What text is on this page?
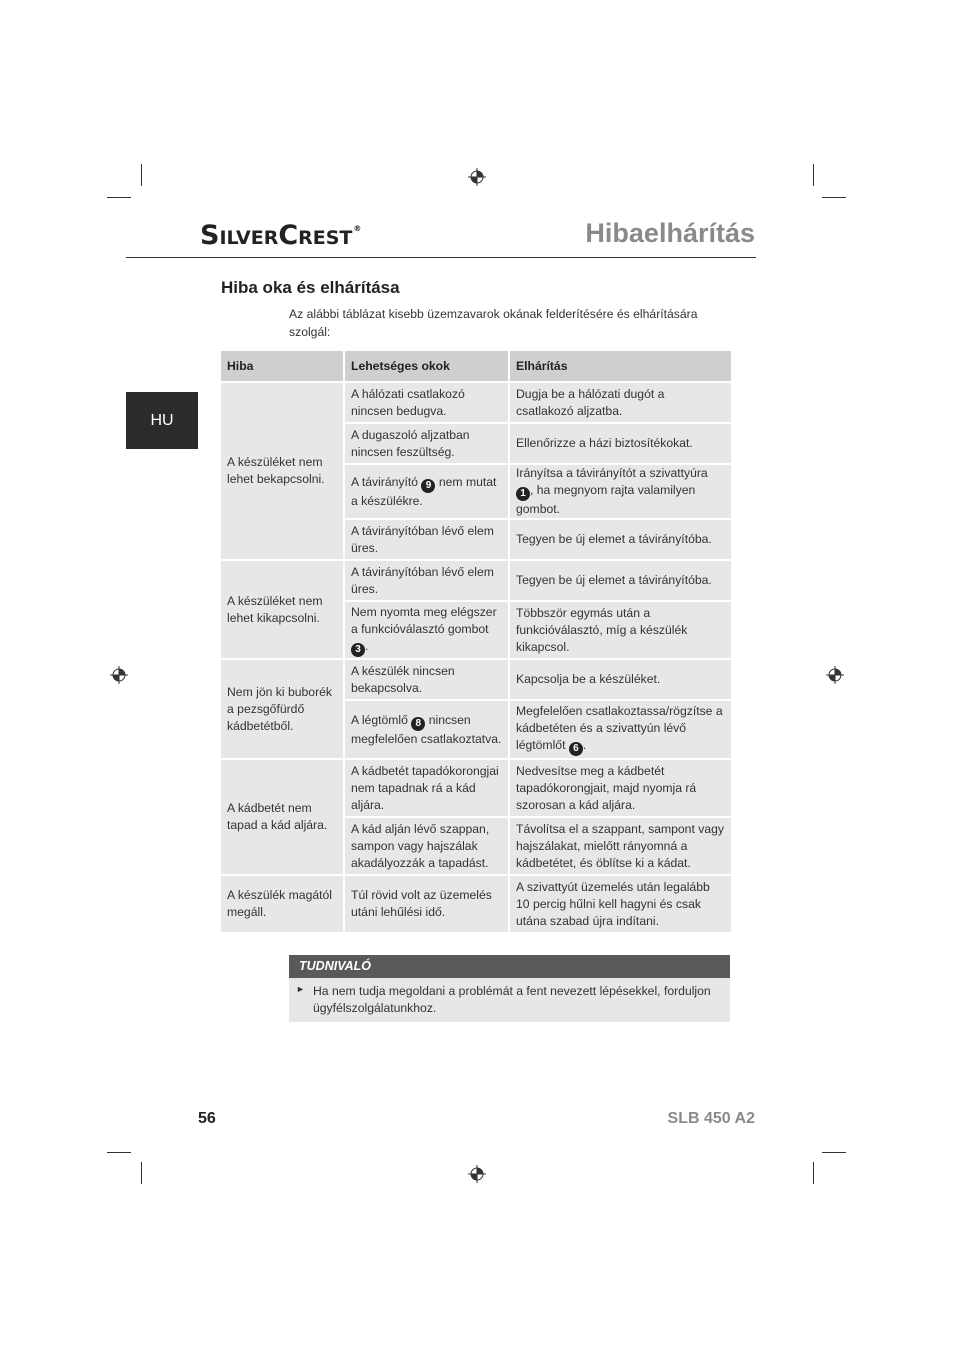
SilverCrest®	Hibaelhárítás
HU
Hiba oka és elhárítása
Az alábbi táblázat kisebb üzemzavarok okának felderítésére és elhárítására szolgál:
Hiba	Lehetséges okok	Elhárítás
A készüléket nem lehet bekapcsolni.	A hálózati csatlakozó nincsen bedugva.	Dugja be a hálózati dugót a csatlakozó aljzatba.
	A dugaszoló aljzatban nincsen feszültség.	Ellenőrizze a házi biztosítékokat.
	A távirányító 9 nem mutat a készülékre.	Irányítsa a távirányítót a szivattyúra 1 , ha megnyom rajta valamilyen gombot.
	A távirányítóban lévő elem üres.	Tegyen be új elemet a távirányítóba.
A készüléket nem lehet kikapcsolni.	A távirányítóban lévő elem üres.	Tegyen be új elemet a távirányítóba.
	Nem nyomta meg elégszer a funkcióválasztó gombot 3 .	Többször egymás után a funkcióválasztó, míg a készülék kikapcsol.
Nem jön ki buborék a pezsgőfürdő kádbetétből.	A készülék nincsen bekapcsolva.	Kapcsolja be a készüléket.
	A légtömlő 8 nincsen megfelelően csatlakoztatva.	Megfelelően csatlakoztassa/rögzítse a kádbetéten és a szivattyún lévő légtömlőt 6 .
A kádbetét nem tapad a kád aljára.	A kádbetét tapadókorongjai nem tapadnak rá a kád aljára.	Nedvesítse meg a kádbetét tapadókorongjait, majd nyomja rá szorosan a kád aljára.
	A kád alján lévő szappan, sampon vagy hajszálak akadályozzák a tapadást.	Távolítsa el a szappant, sampont vagy hajszálakat, mielőtt rányomná a kádbetétet, és öblítse ki a kádat.
A készülék magától megáll.	Túl rövid volt az üzemelés utáni lehűlési idő.	A szivattyút üzemelés után legalább 10 percig hűlni kell hagyni és csak utána szabad újra indítani.
TUDNIVALÓ
► Ha nem tudja megoldani a problémát a fent nevezett lépésekkel, forduljon ügyfélszolgálatunkhoz.
56	SLB 450 A2
